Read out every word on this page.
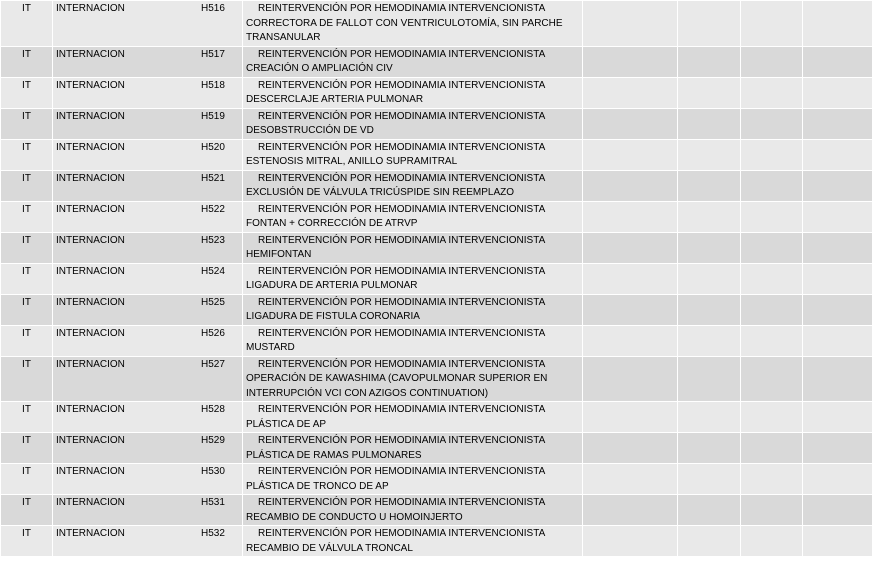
IT	INTERNACION H516	REINTERVENCIÓN POR HEMODINAMIA INTERVENCIONISTA
CORRECTORA DE FALLOT CON VENTRICULOTOMÍA, SIN PARCHE
TRANSANULAR				

IT	INTERNACION H517	REINTERVENCIÓN POR HEMODINAMIA INTERVENCIONISTA
CREACIÓN O AMPLIACIÓN CIV				

IT	INTERNACION H518	REINTERVENCIÓN POR HEMODINAMIA INTERVENCIONISTA
DESCERCLAJE ARTERIA PULMONAR				

IT	INTERNACION H519	REINTERVENCIÓN POR HEMODINAMIA INTERVENCIONISTA
DESOBSTRUCCIÓN DE VD				

IT	INTERNACION H520	REINTERVENCIÓN POR HEMODINAMIA INTERVENCIONISTA
ESTENOSIS MITRAL, ANILLO SUPRAMITRAL				

IT	INTERNACION H521	REINTERVENCIÓN POR HEMODINAMIA INTERVENCIONISTA
EXCLUSIÓN DE VÁLVULA TRICÚSPIDE SIN REEMPLAZO				

IT	INTERNACION H522	REINTERVENCIÓN POR HEMODINAMIA INTERVENCIONISTA
FONTAN + CORRECCIÓN DE ATRVP				

IT	INTERNACION H523	REINTERVENCIÓN POR HEMODINAMIA INTERVENCIONISTA
HEMIFONTAN				

IT	INTERNACION H524	REINTERVENCIÓN POR HEMODINAMIA INTERVENCIONISTA
LIGADURA DE ARTERIA PULMONAR				

IT	INTERNACION H525	REINTERVENCIÓN POR HEMODINAMIA INTERVENCIONISTA
LIGADURA DE FISTULA CORONARIA				

IT	INTERNACION H526	REINTERVENCIÓN POR HEMODINAMIA INTERVENCIONISTA
MUSTARD				

IT	INTERNACION H527	REINTERVENCIÓN POR HEMODINAMIA INTERVENCIONISTA
OPERACIÓN DE KAWASHIMA (CAVOPULMONAR SUPERIOR EN
INTERRUPCIÓN VCI CON AZIGOS CONTINUATION)				

IT	INTERNACION H528	REINTERVENCIÓN POR HEMODINAMIA INTERVENCIONISTA
PLÁSTICA DE AP				

IT	INTERNACION H529	REINTERVENCIÓN POR HEMODINAMIA INTERVENCIONISTA
PLÁSTICA DE RAMAS PULMONARES				

IT	INTERNACION H530	REINTERVENCIÓN POR HEMODINAMIA INTERVENCIONISTA
PLÁSTICA DE TRONCO DE AP				

IT	INTERNACION H531	REINTERVENCIÓN POR HEMODINAMIA INTERVENCIONISTA
RECAMBIO DE CONDUCTO U HOMOINJERTO				

IT	INTERNACION H532	REINTERVENCIÓN POR HEMODINAMIA INTERVENCIONISTA
RECAMBIO DE VÁLVULA TRONCAL				
